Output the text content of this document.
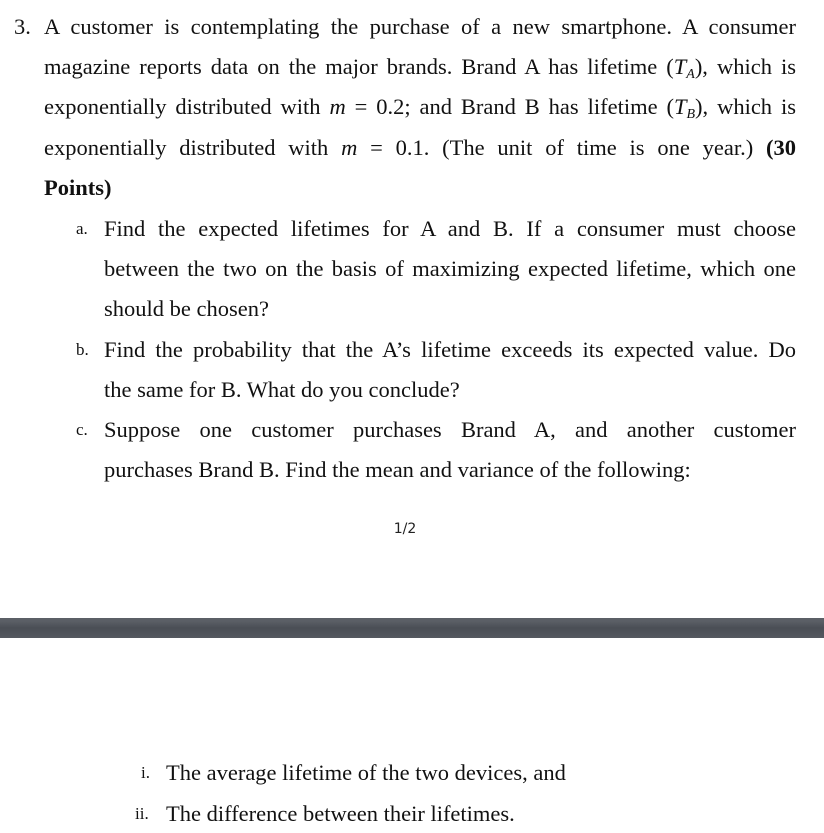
3. A customer is contemplating the purchase of a new smartphone. A consumer
magazine reports data on the major brands. Brand A has lifetime $(T_A)$, which is
exponentially distributed with m = 0.2; and Brand B has lifetime $(T_B)$, which is
exponentially distributed with m = 0.1. (The unit of time is one year.) (30
Points)
a. Find the expected lifetimes for A and B. If a consumer must choose
between the two on the basis of maximizing expected lifetime, which one
should be chosen?
b. Find the probability that the A’s lifetime exceeds its expected value. Do
the same for B. What do you conclude?
c. Suppose one customer purchases Brand A, and another customer
purchases Brand B. Find the mean and variance of the following:
1/2
i. The average lifetime of the two devices, and
ii. The difference between their lifetimes.
